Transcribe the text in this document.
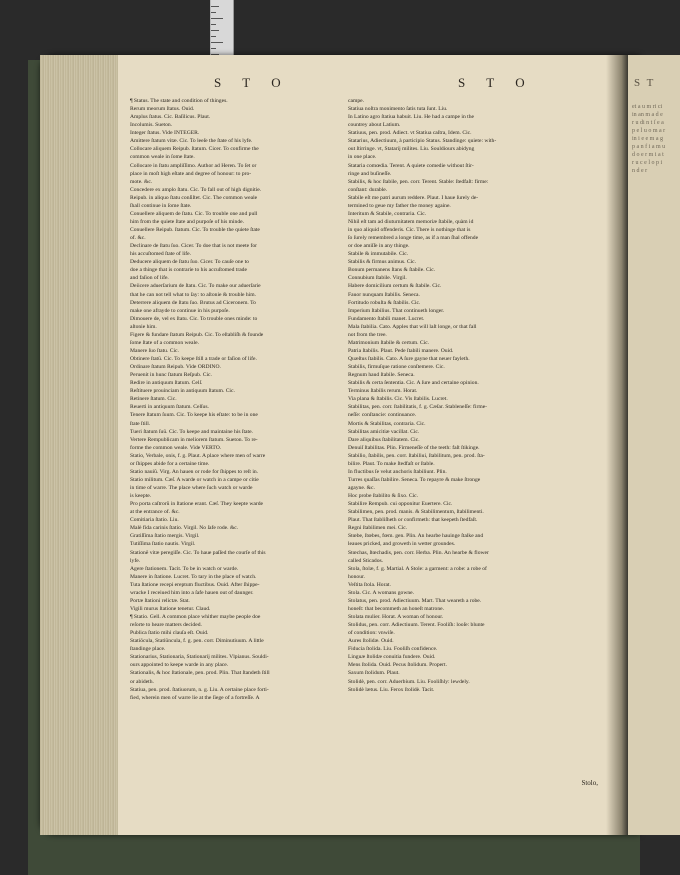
S T O	S T O
¶ Status. The state and condition of thinges.
Rerum meorum ſtatus. Ouid.
Amplus ſtatus. Cic. Baſilicus. Plaut.
Incolumis. Sueton.
Integer ſtatus. Vide INTEGER.
Amittere ſtatum vitæ. Cic. To leeſe the ſtate of his lyfe.
Collocare aliquem Reipub. ſtatum. Cicer. To confirme the
common weale in ſome ſtate.
Collocare in ſtatu ampliſſimo. Author ad Heren. To ſet or
place in moſt high eſtate and degree of honour: to pro-
mote. &c.
Concedere ex amplo ſtatu. Cic. To fall out of high dignitie.
Reipub. in aliquo ſtatu conſiſtet. Cic. The common weale
ſhall continue in ſome ſtate.
Conuellere aliquem de ſtatu. Cic. To trouble one and pull
him from the quiete ſtate and purpoſe of his minde.
Conuellere Reipub. ſtatum. Cic. To trouble the quiete ſtate
of. &c.
Declinare de ſtatu ſuo. Cicer. To doe that is not meete for
his accuſtomed ſtate of life.
Deducere aliquem de ſtatu ſuo. Cicer. To cauſe one to
doe a thinge that is contrarie to his accuſtomed trade
and faſion of life.
Deiicere aduerſarium de ſtatu. Cic. To make our aduerſarie
that he can not tell what to ſay: to aſtonie & trouble him.
Deterrere aliquem de ſtatu ſuo. Brutus ad Ciceronem. To
make one afrayde to continue in his purpoſe.
Dimouere de, vel ex ſtatu. Cic. To trouble ones minde: to
aſtonie him.
Figere & fundare ſtatum Reipub. Cic. To eſtabliſh & founde
ſome ſtate of a common weale.
Manere ſuo ſtatu. Cic.
Obtinere ſtatū. Cic. To keepe ſtill a trade or faſion of life.
Ordinare ſtatum Reipub. Vide ORDINO.
Peruenit in hunc ſtatum Reſpub. Cic.
Redire in antiquum ſtatum. Celſ.
Reſtituere prouinciam in antiquum ſtatum. Cic.
Retinere ſtatum. Cic.
Reuerti in antiquum ſtatum. Celſus.
Tenere ſtatum ſuum. Cic. To keepe his eſtate: to be in one
ſtate ſtill.
Tueri ſtatum ſuū. Cic. To keepe and maintaine his ſtate.
Vertere Rempublicam in meliorem ſtatum. Sueton. To re-
forme the common weale. Vide VERTO.
Statio, Verbale, onis, f. g. Plaut. A place where men of warre
or ſhippes abide for a certaine time.
Statio nauiũ. Virg. An hauen or rode for ſhippes to reſt in.
Statio militum. Cæſ. A warde or watch in a campe or citie
in time of warre. The place where ſuch watch or warde
is keepte.
Pro porta caſtrorũ in ſtatione erant. Cæſ. They keepte warde
at the entrance of. &c.
Comitiaria ſtatio. Liu.
Malè fida carinis ſtatio. Virgil. No ſafe rode. &c.
Gratiſſima ſtatio mergis. Virgil.
Tutiſſima ſtatio nautis. Virgil.
Stationē vitæ peregiſſe. Cic. To haue paſſed the courſe of this
lyfe.
Agere ſtationem. Tacit. To be in watch or warde.
Manere in ſtatione. Lucret. To tary in the place of watch.
Tuta ſtatione recepi ereptum fluctibus. Ouid. After ſhippe-
wracke I receiued him into a ſafe hauen out of daunger.
Portæ ſtationi relictæ. Stat.
Vigili murus ſtatione tenetur. Claud.
¶ Statio. Gell. A common place whither maybe people doe
reſorte to heare matters decided.
Publica ſtatio mihi clauſa eſt. Ouid.
Statiōcula, Statiūncula, f. g. pen. corr. Diminutiuum. A little
ſtandinge place.
Stationarius, Stationaria, Stationarij milites. Vlpianus. Souldi-
ours appointed to keepe warde in any place.
Stationalis, & hoc ſtationale, pen. prod. Plin. That ſtandeth ſtill
or abideth.
Statiua, pen. prod. ſtatiuorum, n. g. Liu. A certaine place forti-
fied, wherein men of warre lie at the ſiege of a fortreſſe. A
campe.
Statiua noſtra monimento ſatis tuta ſunt. Liu.
In Latino agro ſtatiua habuit. Liu. He had a campe in the
countrey about Latium.
Statiuus, pen. prod. Adiect. vt Statiua caſtra, Idem. Cic.
Statarius, Adiectiuum, à participio Status. Standinge: quiete: with-
out ſtirringe. vt, Statarij milites. Liu. Souldiours abidyng
in one place.
Stataria comœdia. Terent. A quiete comedie without ſtir-
ringe and buſineſſe.
Stabilis, & hoc ſtabile, pen. corr. Terent. Stable: ſtedfaſt: firme:
conſtant: durable.
Stabile eſt me patri aurum reddere. Plaut. I haue ſurely de-
termined to geue my father the money againe.
Interitum & Stabile, contraria. Cic.
Nihil eſt tam ad diuturnitatem memoriæ ſtabile, quàm id
in quo aliquid offenderis. Cic. There is nothinge that is
ſo ſurely remembred a longe time, as if a man ſhal offende
or doe amiſſe in any thinge.
Stabile & immutabile. Cic.
Stabilis & firmus animus. Cic.
Bonum permanens ſtans & ſtabile. Cic.
Connubium ſtabile. Virgil.
Habere domicilium certum & ſtabile. Cic.
Fauor nunquam ſtabilis. Seneca.
Fortitudo robuſta & ſtabilis. Cic.
Imperium ſtabilius. That continueth longer.
Fundamento ſtabili manet. Lucret.
Mala ſtabilia. Cato. Apples that will laſt longe, or that fall
not from the tree.
Matrimonium ſtabile & certum. Cic.
Patria ſtabilis. Plaut. Pede ſtabili manere. Ouid.
Quæſtus ſtabilis. Cato. A ſure gayne that neuer fayleth.
Stabilis, firmuſque ratione conſtemere. Cic.
Regnum haud ſtabile. Seneca.
Stabilis & certa ſententia. Cic. A ſure and certaine opinion.
Terminus ſtabilis rerum. Horat.
Via plana & ſtabilis. Cic. Vis ſtabilis. Lucret.
Stabilitas, pen. corr. ſtabilitatis, f. g. Cæſar. Stableneſſe: firme-
neſſe: conſtancie: continuance.
Mortis & Stabilitas, contraria. Cic.
Stabilitas amicitiæ vacillat. Cic.
Dare aliquibus ſtabilitatem. Cic.
Denuiſ ſtabilitas. Plin. Firmeneſſe of the teeth: faſt ſtikinge.
Stabilio, ſtabilis, pen. corr. ſtabiliui, ſtabilitum, pen. prod. ſta-
bilire. Plaut. To make ſtedfaſt or ſtable.
In fluctibus ſe velut anchoris ſtabiliunt. Plin.
Turres quaſſas ſtabilire. Seneca. To repayre & make ſtronge
agayne. &c.
Hoc probe ſtabilito & ſixo. Cic.
Stabilire Rempub. cui opponitur Euertere. Cic.
Stabilimen, pen. prod. manis. & Stabilimentum, ſtabilimenti.
Plaut. That ſtabliſheth or confirmeth: that keepeth ſtedfaſt.
Regni ſtabilimen mei. Cic.
Stœbe, ſtœbes, fœm. gen. Plin. An hearbe hauinge ſtalke and
leaues pricked, and groweth in wetter groundes.
Stœchas, ſtœchadis, pen. corr. Herba. Plin. An hearbe & flower
called Sticados.
Stola, ſtolæ, f. g. Martial. A Stole: a garment: a robe: a robe of
honour.
Veſtita ſtola. Horat.
Stola. Cic. A womans gowne.
Stolatus, pen. prod. Adiectiuum. Mart. That weareth a robe.
honeſt: that becommeth an honeſt matrone.
Stolata mulier. Horat. A woman of honour.
Stolidus, pen. corr. Adiectiuum. Terent. Fooliſh: looſe: blunte
of condition: vnwiſe.
Aures ſtolidæ. Ouid.
Fiducia ſtolida. Liu. Fooliſh confidence.
Linguæ ſtolidæ conuitia fundere. Ouid.
Mens ſtolida. Ouid. Pecus ſtolidum. Propert.
Saxum ſtolidum. Plaut.
Stolidè, pen. corr. Aduerbium. Liu. Fooliſhly: lewdely.
Stolidè lætus. Liu. Ferox ſtolidè. Tacit.
Stolo,
S T
et a u m ri ci in an m a d e r u di n t ſ e a p e l u o m a r in i e e m a g p a n f i a m u d o e r m i a t r u c e l o p i n d e r
